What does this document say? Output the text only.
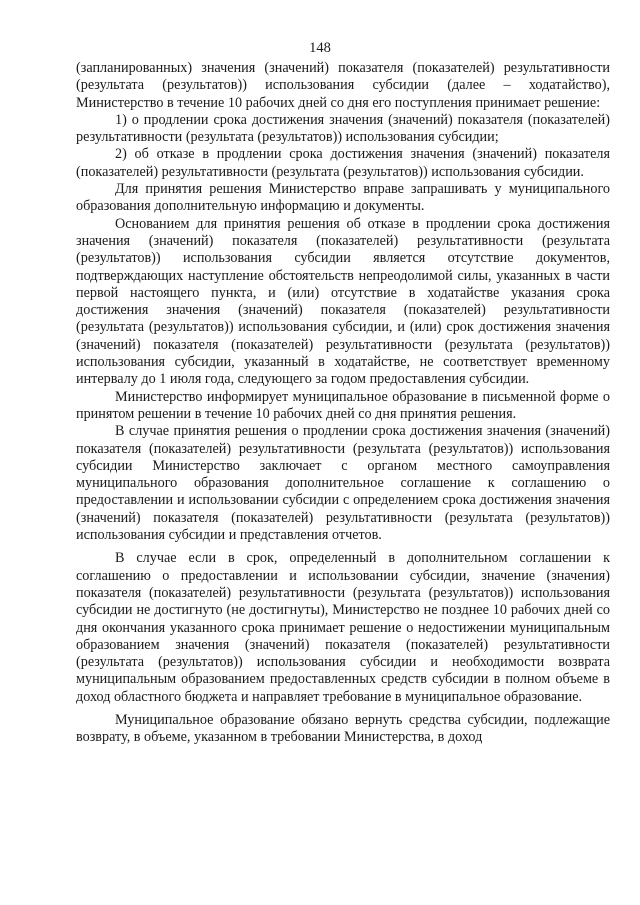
148

(запланированных) значения (значений) показателя (показателей) результативности (результата (результатов)) использования субсидии (далее – ходатайство), Министерство в течение 10 рабочих дней со дня его поступления принимает решение:

1) о продлении срока достижения значения (значений) показателя (показателей) результативности (результата (результатов)) использования субсидии;

2) об отказе в продлении срока достижения значения (значений) показателя (показателей) результативности (результата (результатов)) использования субсидии.

Для принятия решения Министерство вправе запрашивать у муниципального образования дополнительную информацию и документы.

Основанием для принятия решения об отказе в продлении срока достижения значения (значений) показателя (показателей) результативности (результата (результатов)) использования субсидии является отсутствие документов, подтверждающих наступление обстоятельств непреодолимой силы, указанных в части первой настоящего пункта, и (или) отсутствие в ходатайстве указания срока достижения значения (значений) показателя (показателей) результативности (результата (результатов)) использования субсидии, и (или) срок достижения значения (значений) показателя (показателей) результативности (результата (результатов)) использования субсидии, указанный в ходатайстве, не соответствует временному интервалу до 1 июля года, следующего за годом предоставления субсидии.

Министерство информирует муниципальное образование в письменной форме о принятом решении в течение 10 рабочих дней со дня принятия решения.

В случае принятия решения о продлении срока достижения значения (значений) показателя (показателей) результативности (результата (результатов)) использования субсидии Министерство заключает с органом местного самоуправления муниципального образования дополнительное соглашение к соглашению о предоставлении и использовании субсидии с определением срока достижения значения (значений) показателя (показателей) результативности (результата (результатов)) использования субсидии и представления отчетов.

В случае если в срок, определенный в дополнительном соглашении к соглашению о предоставлении и использовании субсидии, значение (значения) показателя (показателей) результативности (результата (результатов)) использования субсидии не достигнуто (не достигнуты), Министерство не позднее 10 рабочих дней со дня окончания указанного срока принимает решение о недостижении муниципальным образованием значения (значений) показателя (показателей) результативности (результата (результатов)) использования субсидии и необходимости возврата муниципальным образованием предоставленных средств субсидии в полном объеме в доход областного бюджета и направляет требование в муниципальное образование.

Муниципальное образование обязано вернуть средства субсидии, подлежащие возврату, в объеме, указанном в требовании Министерства, в доход
